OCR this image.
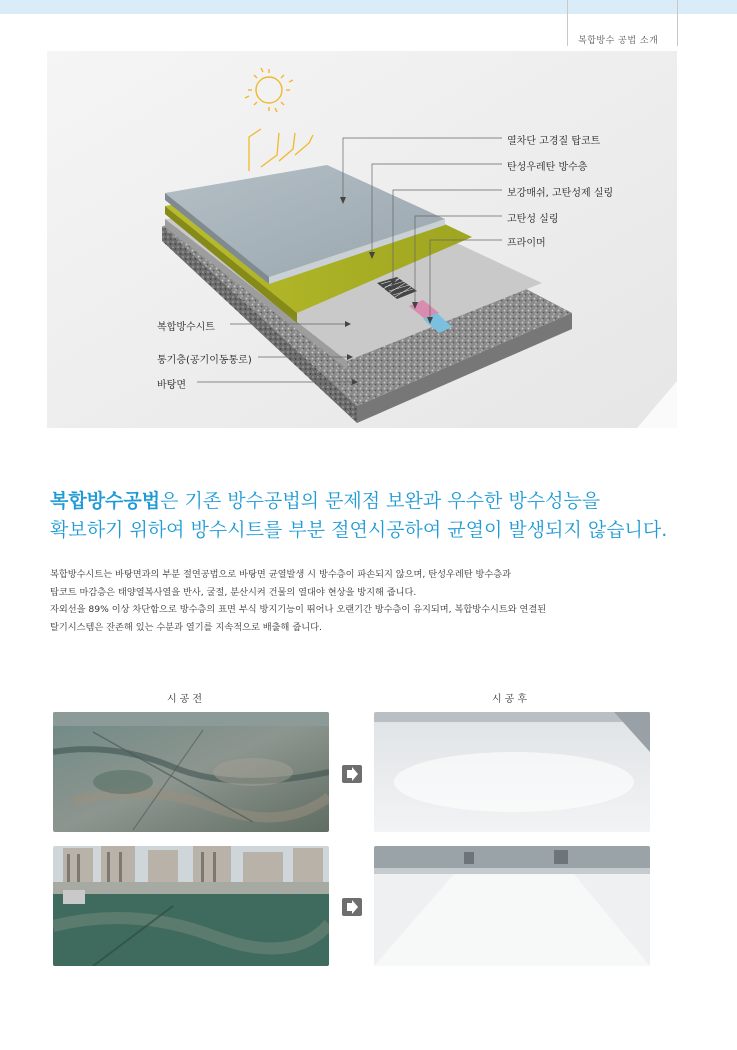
복합방수 공법 소개
열차단 고경질 탑코트
탄성우레탄 방수층
보강매쉬, 고탄성제 실링
고탄성 실링
프라이머
복합방수시트
통기층(공기이동통로)
바탕면
복합방수공법은 기존 방수공법의 문제점 보완과 우수한 방수성능을
확보하기 위하여 방수시트를 부분 절연시공하여 균열이 발생되지 않습니다.

복합방수시트는 바탕면과의 부분 절연공법으로 바탕면 균열발생 시 방수층이 파손되지 않으며, 탄성우레탄 방수층과

탑코트 마감층은 태양열복사열을 반사, 굴절, 분산시켜 건물의 열대야 현상을 방지해 줍니다.

자외선을 89% 이상 차단함으로 방수층의 표면 부식 방지기능이 뛰어나 오랜기간 방수층이 유지되며, 복합방수시트와 연결된

탈기시스템은 잔존해 있는 수분과 열기를 지속적으로 배출해 줍니다.

시공전	시공후
